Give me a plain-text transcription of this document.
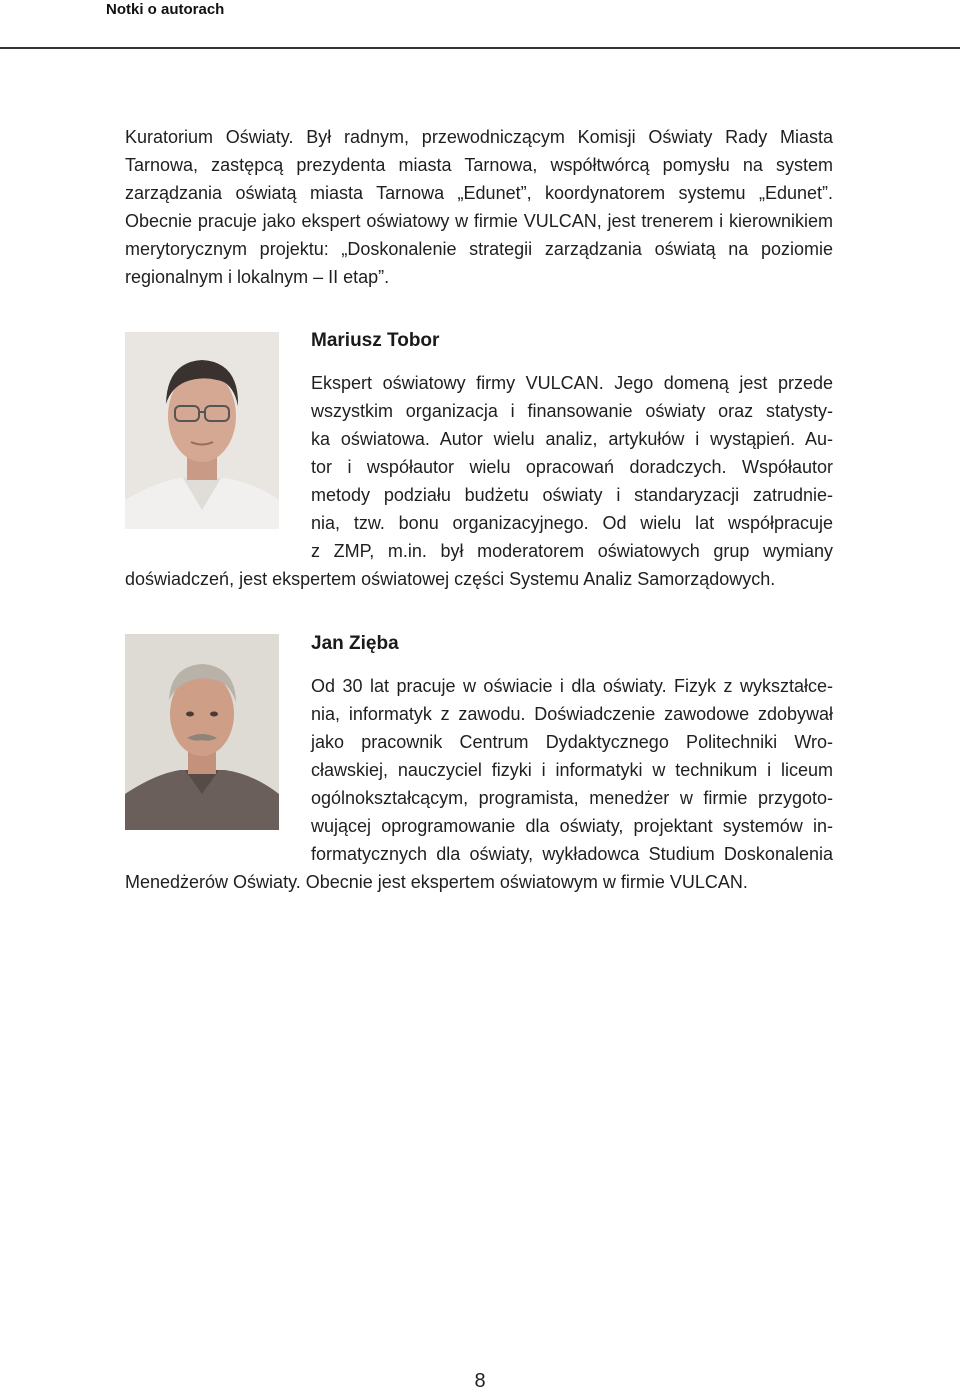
Notki o autorach

Kuratorium Oświaty. Był radnym, przewodniczącym Komisji Oświaty Rady Miasta Tarnowa, zastępcą prezydenta miasta Tarnowa, współtwórcą pomysłu na system zarządzania oświatą miasta Tarnowa „Edunet”, koordynatorem systemu „Edunet”. Obecnie pracuje jako ekspert oświatowy w firmie VULCAN, jest trenerem i kierownikiem merytorycznym projektu: „Doskonalenie strategii zarządzania oświatą na poziomie regionalnym i lokalnym – II etap”.

Mariusz Tobor
Ekspert oświatowy firmy VULCAN. Jego domeną jest przede
wszystkim organizacja i finansowanie oświaty oraz statysty-
ka oświatowa. Autor wielu analiz, artykułów i wystąpień. Au-
tor i współautor wielu opracowań doradczych. Współautor
metody podziału budżetu oświaty i standaryzacji zatrudnie-
nia, tzw. bonu organizacyjnego. Od wielu lat współpracuje
z ZMP, m.in. był moderatorem oświatowych grup wymiany
doświadczeń, jest ekspertem oświatowej części Systemu Analiz Samorządowych.
Jan Zięba
Od 30 lat pracuje w oświacie i dla oświaty. Fizyk z wykształce-
nia, informatyk z zawodu. Doświadczenie zawodowe zdobywał
jako pracownik Centrum Dydaktycznego Politechniki Wro-
cławskiej, nauczyciel fizyki i informatyki w technikum i liceum
ogólnokształcącym, programista, menedżer w firmie przygoto-
wującej oprogramowanie dla oświaty, projektant systemów in-
formatycznych dla oświaty, wykładowca Studium Doskonalenia
Menedżerów Oświaty. Obecnie jest ekspertem oświatowym w firmie VULCAN.
8
